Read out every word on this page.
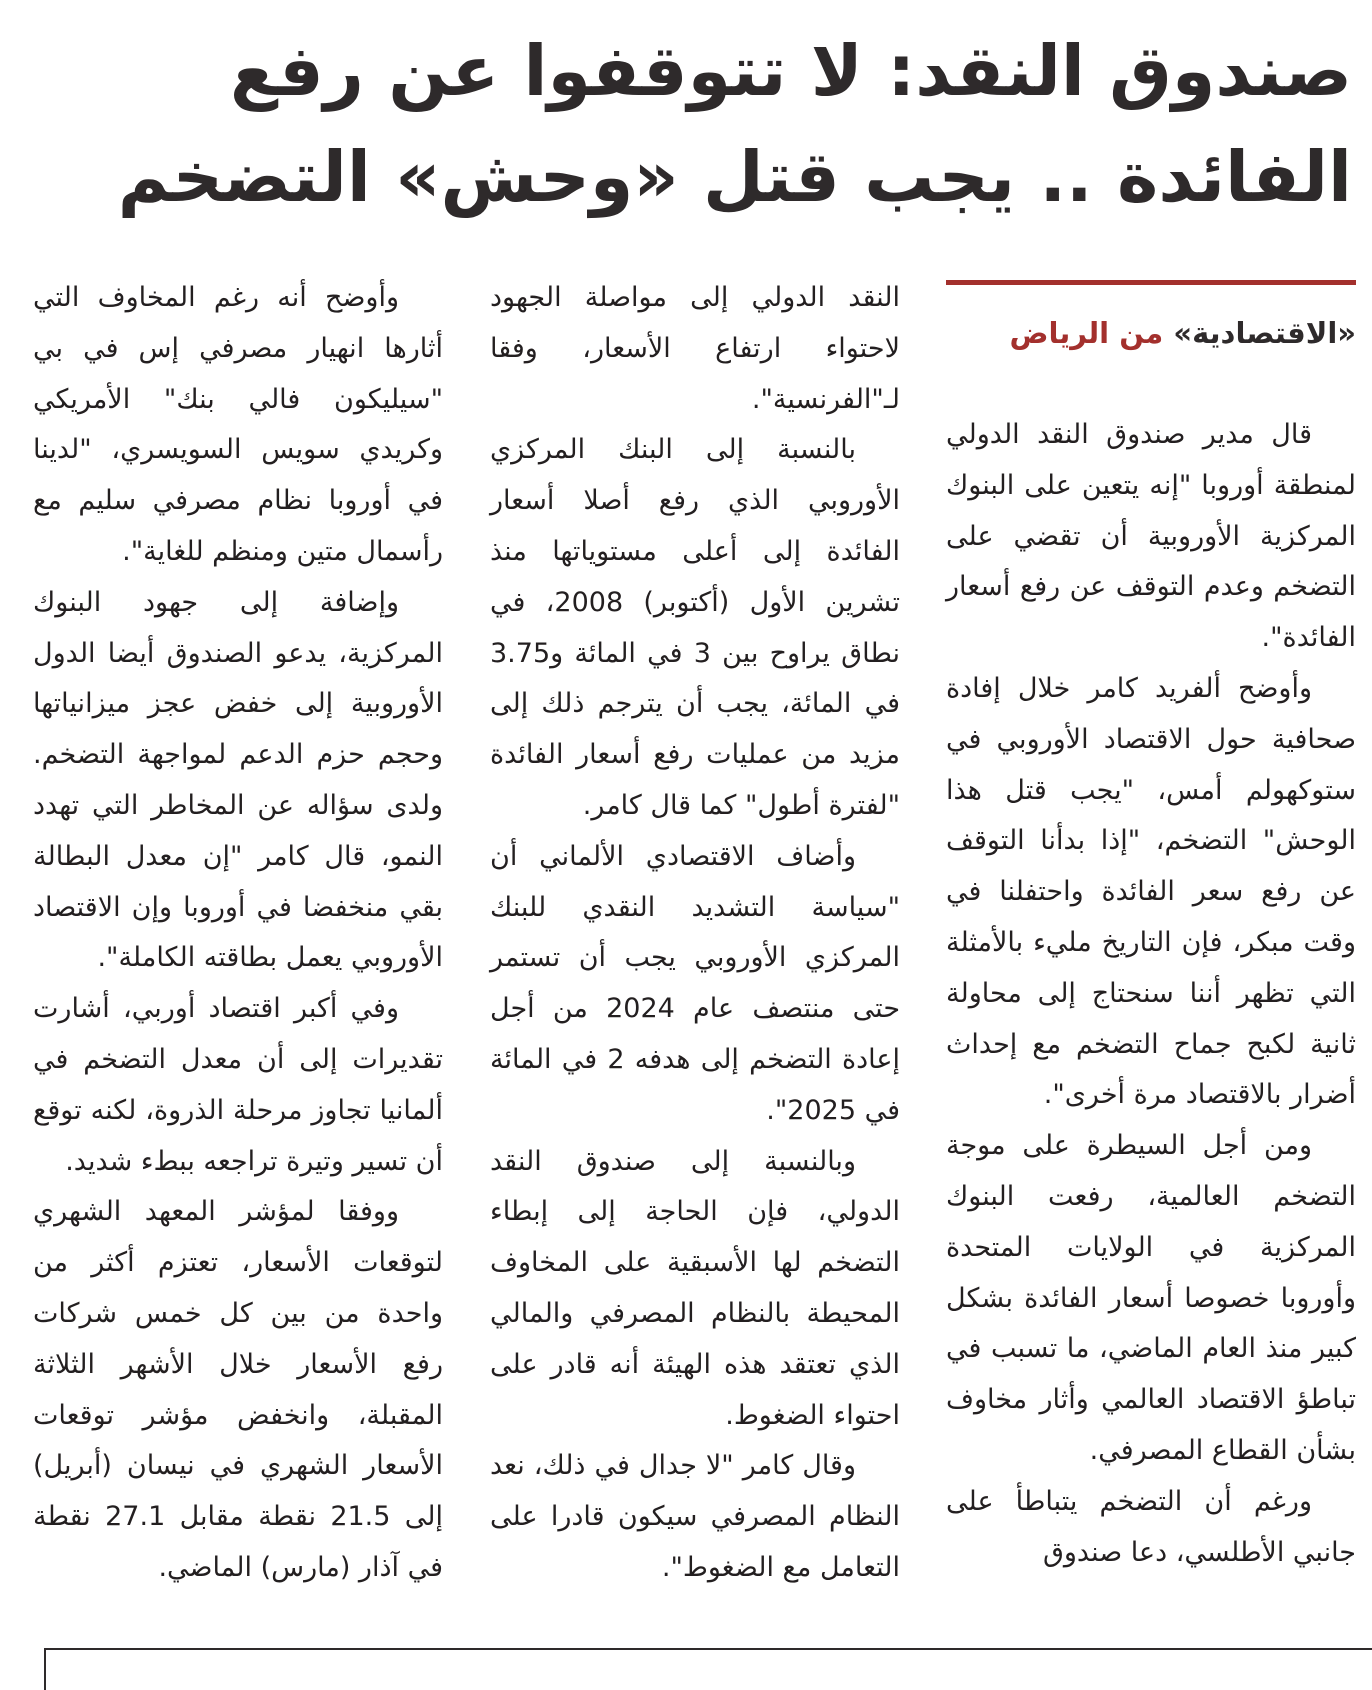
صندوق النقد: لا تتوقفوا عن رفع
الفائدة .. يجب قتل «وحش» التضخم
«الاقتصادية» من الرياض

قال مدير صندوق النقد الدولي لمنطقة أوروبا "إنه يتعين على البنوك المركزية الأوروبية أن تقضي على التضخم وعدم التوقف عن رفع أسعار الفائدة".

وأوضح ألفريد كامر خلال إفادة صحافية حول الاقتصاد الأوروبي في ستوكهولم أمس، "يجب قتل هذا الوحش" التضخم، "إذا بدأنا التوقف عن رفع سعر الفائدة واحتفلنا في وقت مبكر، فإن التاريخ مليء بالأمثلة التي تظهر أننا سنحتاج إلى محاولة ثانية لكبح جماح التضخم مع إحداث أضرار بالاقتصاد مرة أخرى".

ومن أجل السيطرة على موجة التضخم العالمية، رفعت البنوك المركزية في الولايات المتحدة وأوروبا خصوصا أسعار الفائدة بشكل كبير منذ العام الماضي، ما تسبب في تباطؤ الاقتصاد العالمي وأثار مخاوف بشأن القطاع المصرفي.

ورغم أن التضخم يتباطأ على جانبي الأطلسي، دعا صندوق

النقد الدولي إلى مواصلة الجهود لاحتواء ارتفاع الأسعار، وفقا لـ"الفرنسية".

بالنسبة إلى البنك المركزي الأوروبي الذي رفع أصلا أسعار الفائدة إلى أعلى مستوياتها منذ تشرين الأول (أكتوبر) 2008، في نطاق يراوح بين 3 في المائة و3.75 في المائة، يجب أن يترجم ذلك إلى مزيد من عمليات رفع أسعار الفائدة "لفترة أطول" كما قال كامر.

وأضاف الاقتصادي الألماني أن "سياسة التشديد النقدي للبنك المركزي الأوروبي يجب أن تستمر حتى منتصف عام 2024 من أجل إعادة التضخم إلى هدفه 2 في المائة في 2025".

وبالنسبة إلى صندوق النقد الدولي، فإن الحاجة إلى إبطاء التضخم لها الأسبقية على المخاوف المحيطة بالنظام المصرفي والمالي الذي تعتقد هذه الهيئة أنه قادر على احتواء الضغوط.

وقال كامر "لا جدال في ذلك، نعد النظام المصرفي سيكون قادرا على التعامل مع الضغوط".

وأوضح أنه رغم المخاوف التي أثارها انهيار مصرفي إس في بي "سيليكون فالي بنك" الأمريكي وكريدي سويس السويسري، "لدينا في أوروبا نظام مصرفي سليم مع رأسمال متين ومنظم للغاية".

وإضافة إلى جهود البنوك المركزية، يدعو الصندوق أيضا الدول الأوروبية إلى خفض عجز ميزانياتها وحجم حزم الدعم لمواجهة التضخم. ولدى سؤاله عن المخاطر التي تهدد النمو، قال كامر "إن معدل البطالة بقي منخفضا في أوروبا وإن الاقتصاد الأوروبي يعمل بطاقته الكاملة".

وفي أكبر اقتصاد أوربي، أشارت تقديرات إلى أن معدل التضخم في ألمانيا تجاوز مرحلة الذروة، لكنه توقع أن تسير وتيرة تراجعه ببطء شديد.

ووفقا لمؤشر المعهد الشهري لتوقعات الأسعار، تعتزم أكثر من واحدة من بين كل خمس شركات رفع الأسعار خلال الأشهر الثلاثة المقبلة، وانخفض مؤشر توقعات الأسعار الشهري في نيسان (أبريل) إلى 21.5 نقطة مقابل 27.1 نقطة في آذار (مارس) الماضي.
